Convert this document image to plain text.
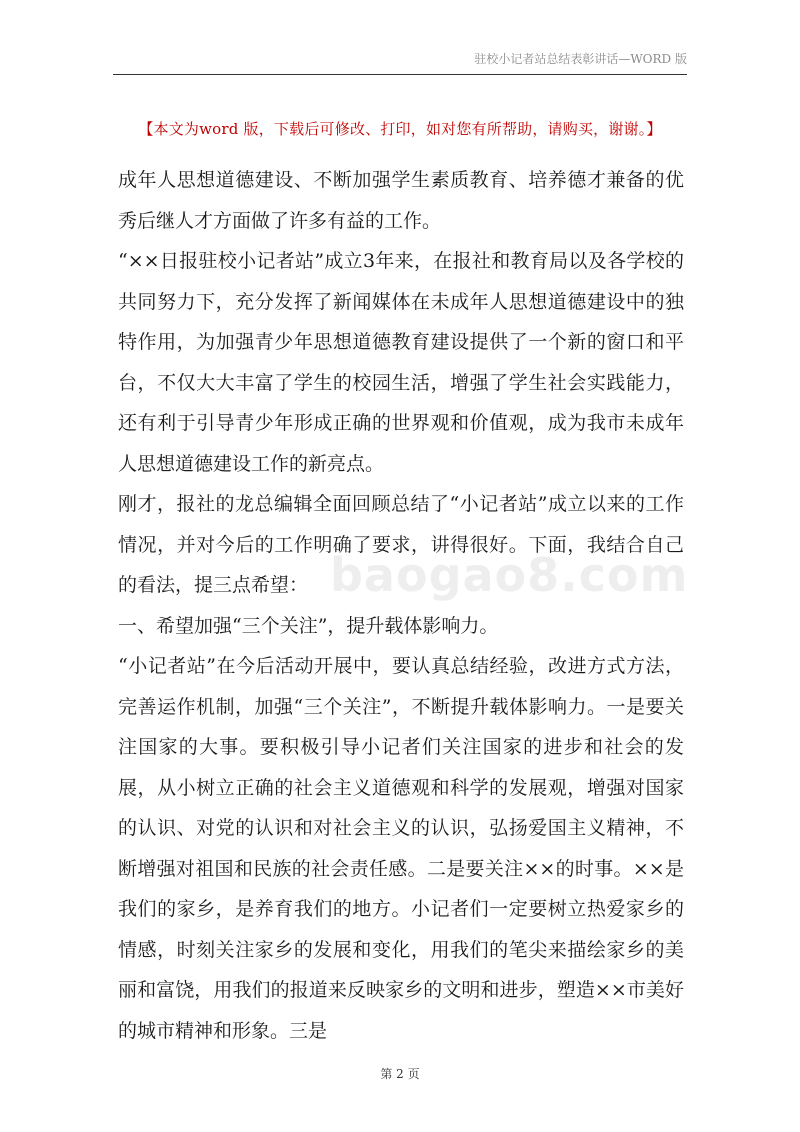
驻校小记者站总结表彰讲话—WORD 版
【本文为word 版，下载后可修改、打印，如对您有所帮助，请购买，谢谢。】

成年人思想道德建设、不断加强学生素质教育、培养德才兼备的优秀后继人才方面做了许多有益的工作。

“××日报驻校小记者站”成立3年来，在报社和教育局以及各学校的共同努力下，充分发挥了新闻媒体在未成年人思想道德建设中的独特作用，为加强青少年思想道德教育建设提供了一个新的窗口和平台，不仅大大丰富了学生的校园生活，增强了学生社会实践能力，还有利于引导青少年形成正确的世界观和价值观，成为我市未成年人思想道德建设工作的新亮点。

刚才，报社的龙总编辑全面回顾总结了“小记者站”成立以来的工作情况，并对今后的工作明确了要求，讲得很好。下面，我结合自己的看法，提三点希望：

一、希望加强“三个关注”，提升载体影响力。

“小记者站”在今后活动开展中，要认真总结经验，改进方式方法，完善运作机制，加强“三个关注”，不断提升载体影响力。一是要关注国家的大事。要积极引导小记者们关注国家的进步和社会的发展，从小树立正确的社会主义道德观和科学的发展观，增强对国家的认识、对党的认识和对社会主义的认识，弘扬爱国主义精神，不断增强对祖国和民族的社会责任感。二是要关注××的时事。××是我们的家乡，是养育我们的地方。小记者们一定要树立热爱家乡的情感，时刻关注家乡的发展和变化，用我们的笔尖来描绘家乡的美丽和富饶，用我们的报道来反映家乡的文明和进步，塑造××市美好的城市精神和形象。三是

baogao8.com
第 2 页
